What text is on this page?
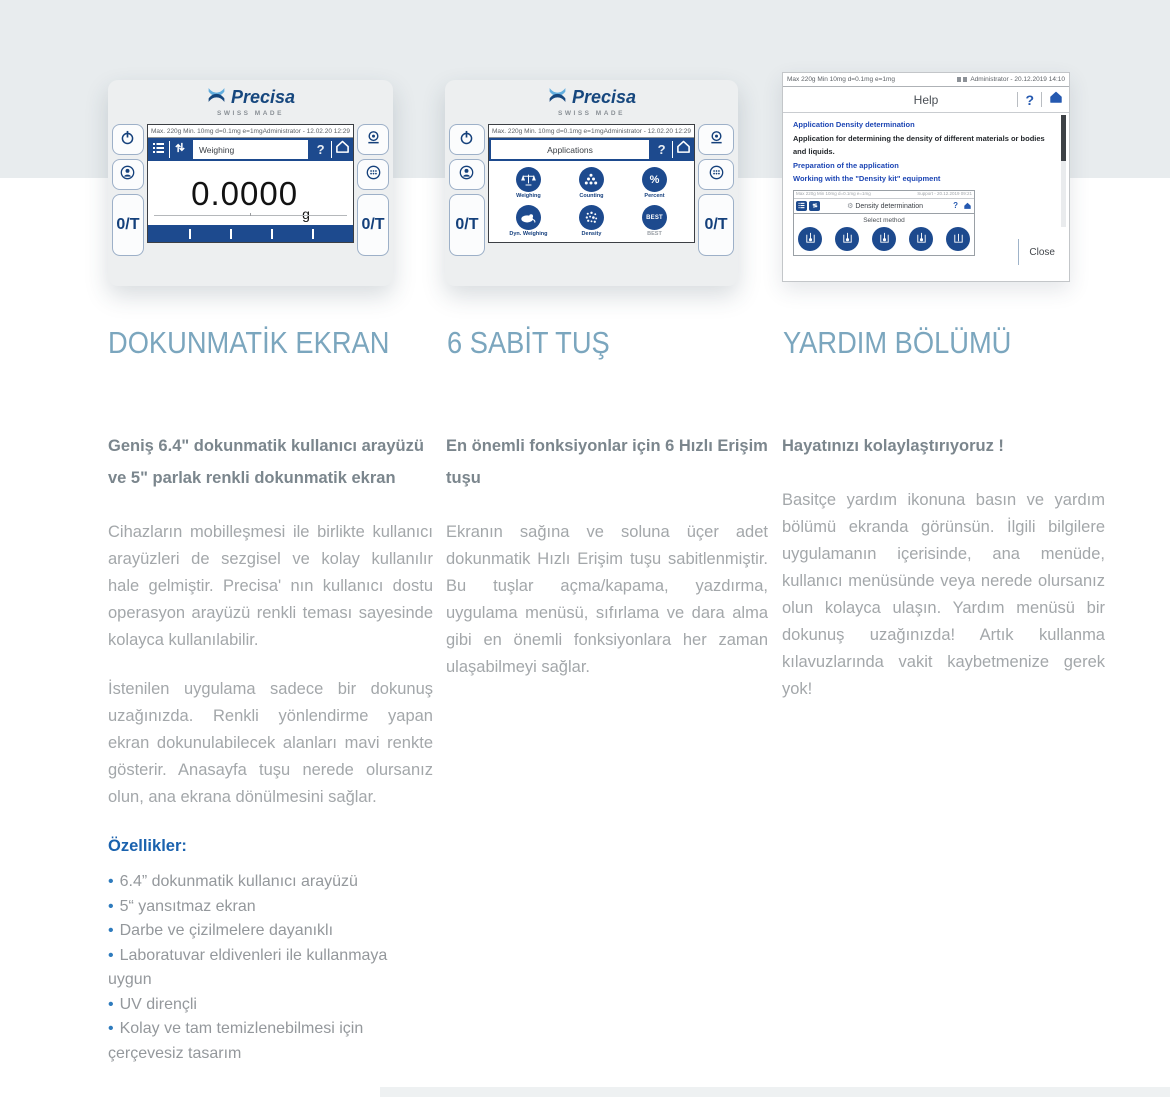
Precisa
SWISS MADE
0/T
Max. 220g Min. 10mg d=0.1mg e=1mg Administrator - 12.02.20 12:29
Weighing	?
0.0000
g
0/T
Precisa
SWISS MADE
0/T
Max. 220g Min. 10mg d=0.1mg e=1mg Administrator - 12.02.20 12:29
Applications	?
Weighing	Counting
%
Percent
Dyn. Weighing	Density
BEST
BEST
0/T
Max 220g Min 10mg d=0.1mg e=1mg	Administrator - 20.12.2019 14:10
Help	?
Application Density determination
Application for determining the density of different materials or bodies and liquids.
Preparation of the application
Working with the "Density kit" equipment
Max 220g Min 10mg d=0.1mg e=1mg	Support - 20.12.2019 09:21
⚙ Density determination	?
Select method
Close
DOKUNMATİK EKRAN 6 SABİT TUŞ	YARDIM BÖLÜMÜ

Geniş 6.4" dokunmatik kullanıcı arayüzü ve 5" parlak renkli dokunmatik ekran

Cihazların mobilleşmesi ile birlikte kullanıcı arayüzleri de sezgisel ve kolay kullanılır hale gelmiştir. Precisa' nın kullanıcı dostu operasyon arayüzü renkli teması sayesinde kolayca kullanılabilir.

İstenilen uygulama sadece bir dokunuş uzağınızda. Renkli yönlendirme yapan ekran dokunulabilecek alanları mavi renkte gösterir. Anasayfa tuşu nerede olursanız olun, ana ekrana dönülmesini sağlar.

Özellikler:

• 6.4” dokunmatik kullanıcı arayüzü

• 5“ yansıtmaz ekran

• Darbe ve çizilmelere dayanıklı

• Laboratuvar eldivenleri ile kullanmaya uygun

• UV dirençli

• Kolay ve tam temizlenebilmesi için çerçevesiz tasarım

En önemli fonksiyonlar için 6 Hızlı Erişim tuşu

Ekranın sağına ve soluna üçer adet dokunmatik Hızlı Erişim tuşu sabitlenmiştir. Bu tuşlar açma/kapama, yazdırma, uygulama menüsü, sıfırlama ve dara alma gibi en önemli fonksiyonlara her zaman ulaşabilmeyi sağlar.

Hayatınızı kolaylaştırıyoruz !

Basitçe yardım ikonuna basın ve yardım bölümü ekranda görünsün. İlgili bilgilere uygulamanın içerisinde, ana menüde, kullanıcı menüsünde veya nerede olursanız olun kolayca ulaşın. Yardım menüsü bir dokunuş uzağınızda! Artık kullanma kılavuzlarında vakit kaybetmenize gerek yok!
